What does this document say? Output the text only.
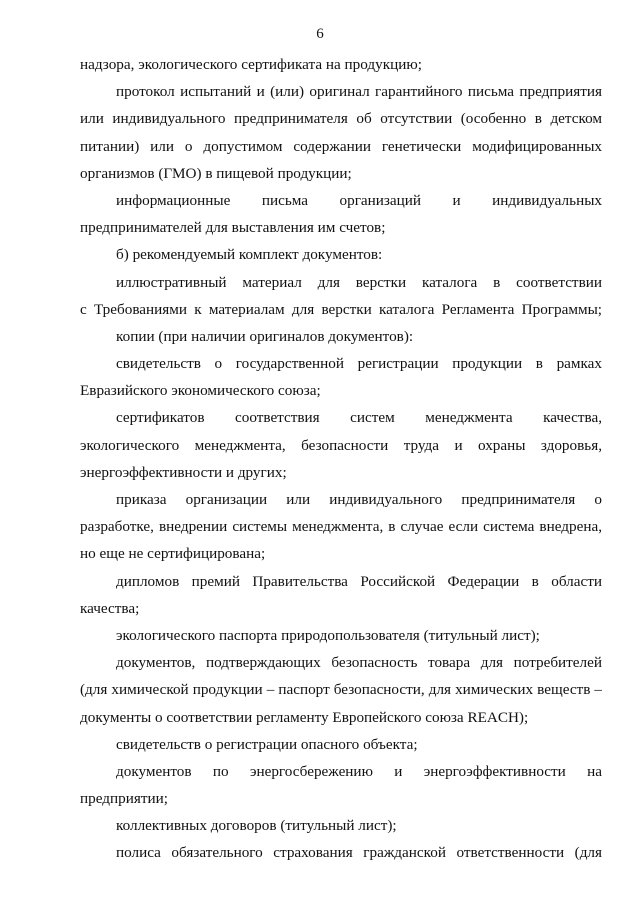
6
надзора, экологического сертификата на продукцию;
протокол испытаний и (или) оригинал гарантийного письма предприятия
или индивидуального предпринимателя об отсутствии (особенно в детском
питании) или о допустимом содержании генетически модифицированных
организмов (ГМО) в пищевой продукции;
информационные письма организаций и индивидуальных
предпринимателей для выставления им счетов;
б) рекомендуемый комплект документов:
иллюстративный материал для верстки каталога в соответствии
с Требованиями к материалам для верстки каталога Регламента Программы;
копии (при наличии оригиналов документов):
свидетельств о государственной регистрации продукции в рамках
Евразийского экономического союза;
сертификатов соответствия систем менеджмента качества,
экологического менеджмента, безопасности труда и охраны здоровья,
энергоэффективности и других;
приказа организации или индивидуального предпринимателя о
разработке, внедрении системы менеджмента, в случае если система внедрена,
но еще не сертифицирована;
дипломов премий Правительства Российской Федерации в области
качества;
экологического паспорта природопользователя (титульный лист);
документов, подтверждающих безопасность товара для потребителей
(для химической продукции – паспорт безопасности, для химических веществ –
документы о соответствии регламенту Европейского союза REACH);
свидетельств о регистрации опасного объекта;
документов по энергосбережению и энергоэффективности на
предприятии;
коллективных договоров (титульный лист);
полиса обязательного страхования гражданской ответственности (для
